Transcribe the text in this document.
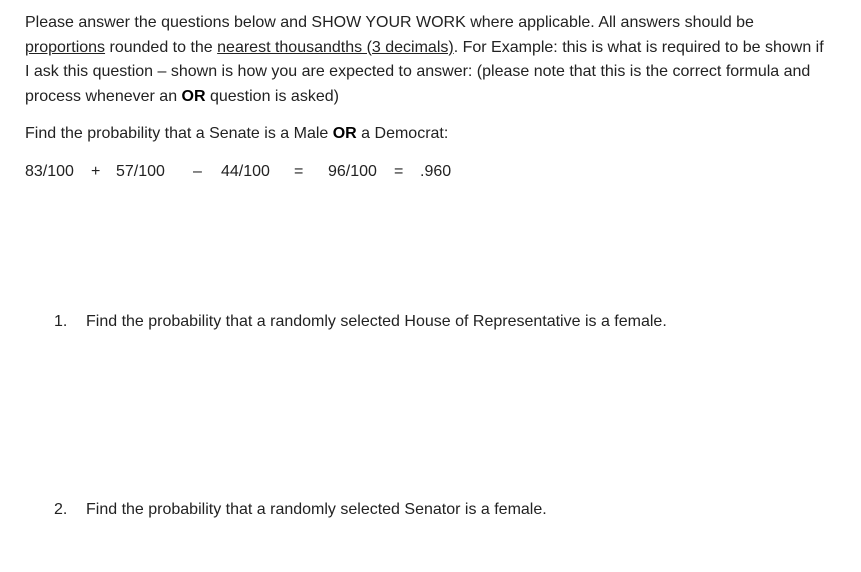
Please answer the questions below and SHOW YOUR WORK where applicable. All answers should be proportions rounded to the nearest thousandths (3 decimals). For Example: this is what is required to be shown if I ask this question – shown is how you are expected to answer: (please note that this is the correct formula and process whenever an OR question is asked)

Find the probability that a Senate is a Male OR a Democrat:

83/100 + 57/100 – 44/100 = 96/100 = .960
1. Find the probability that a randomly selected House of Representative is a female.
2. Find the probability that a randomly selected Senator is a female.
